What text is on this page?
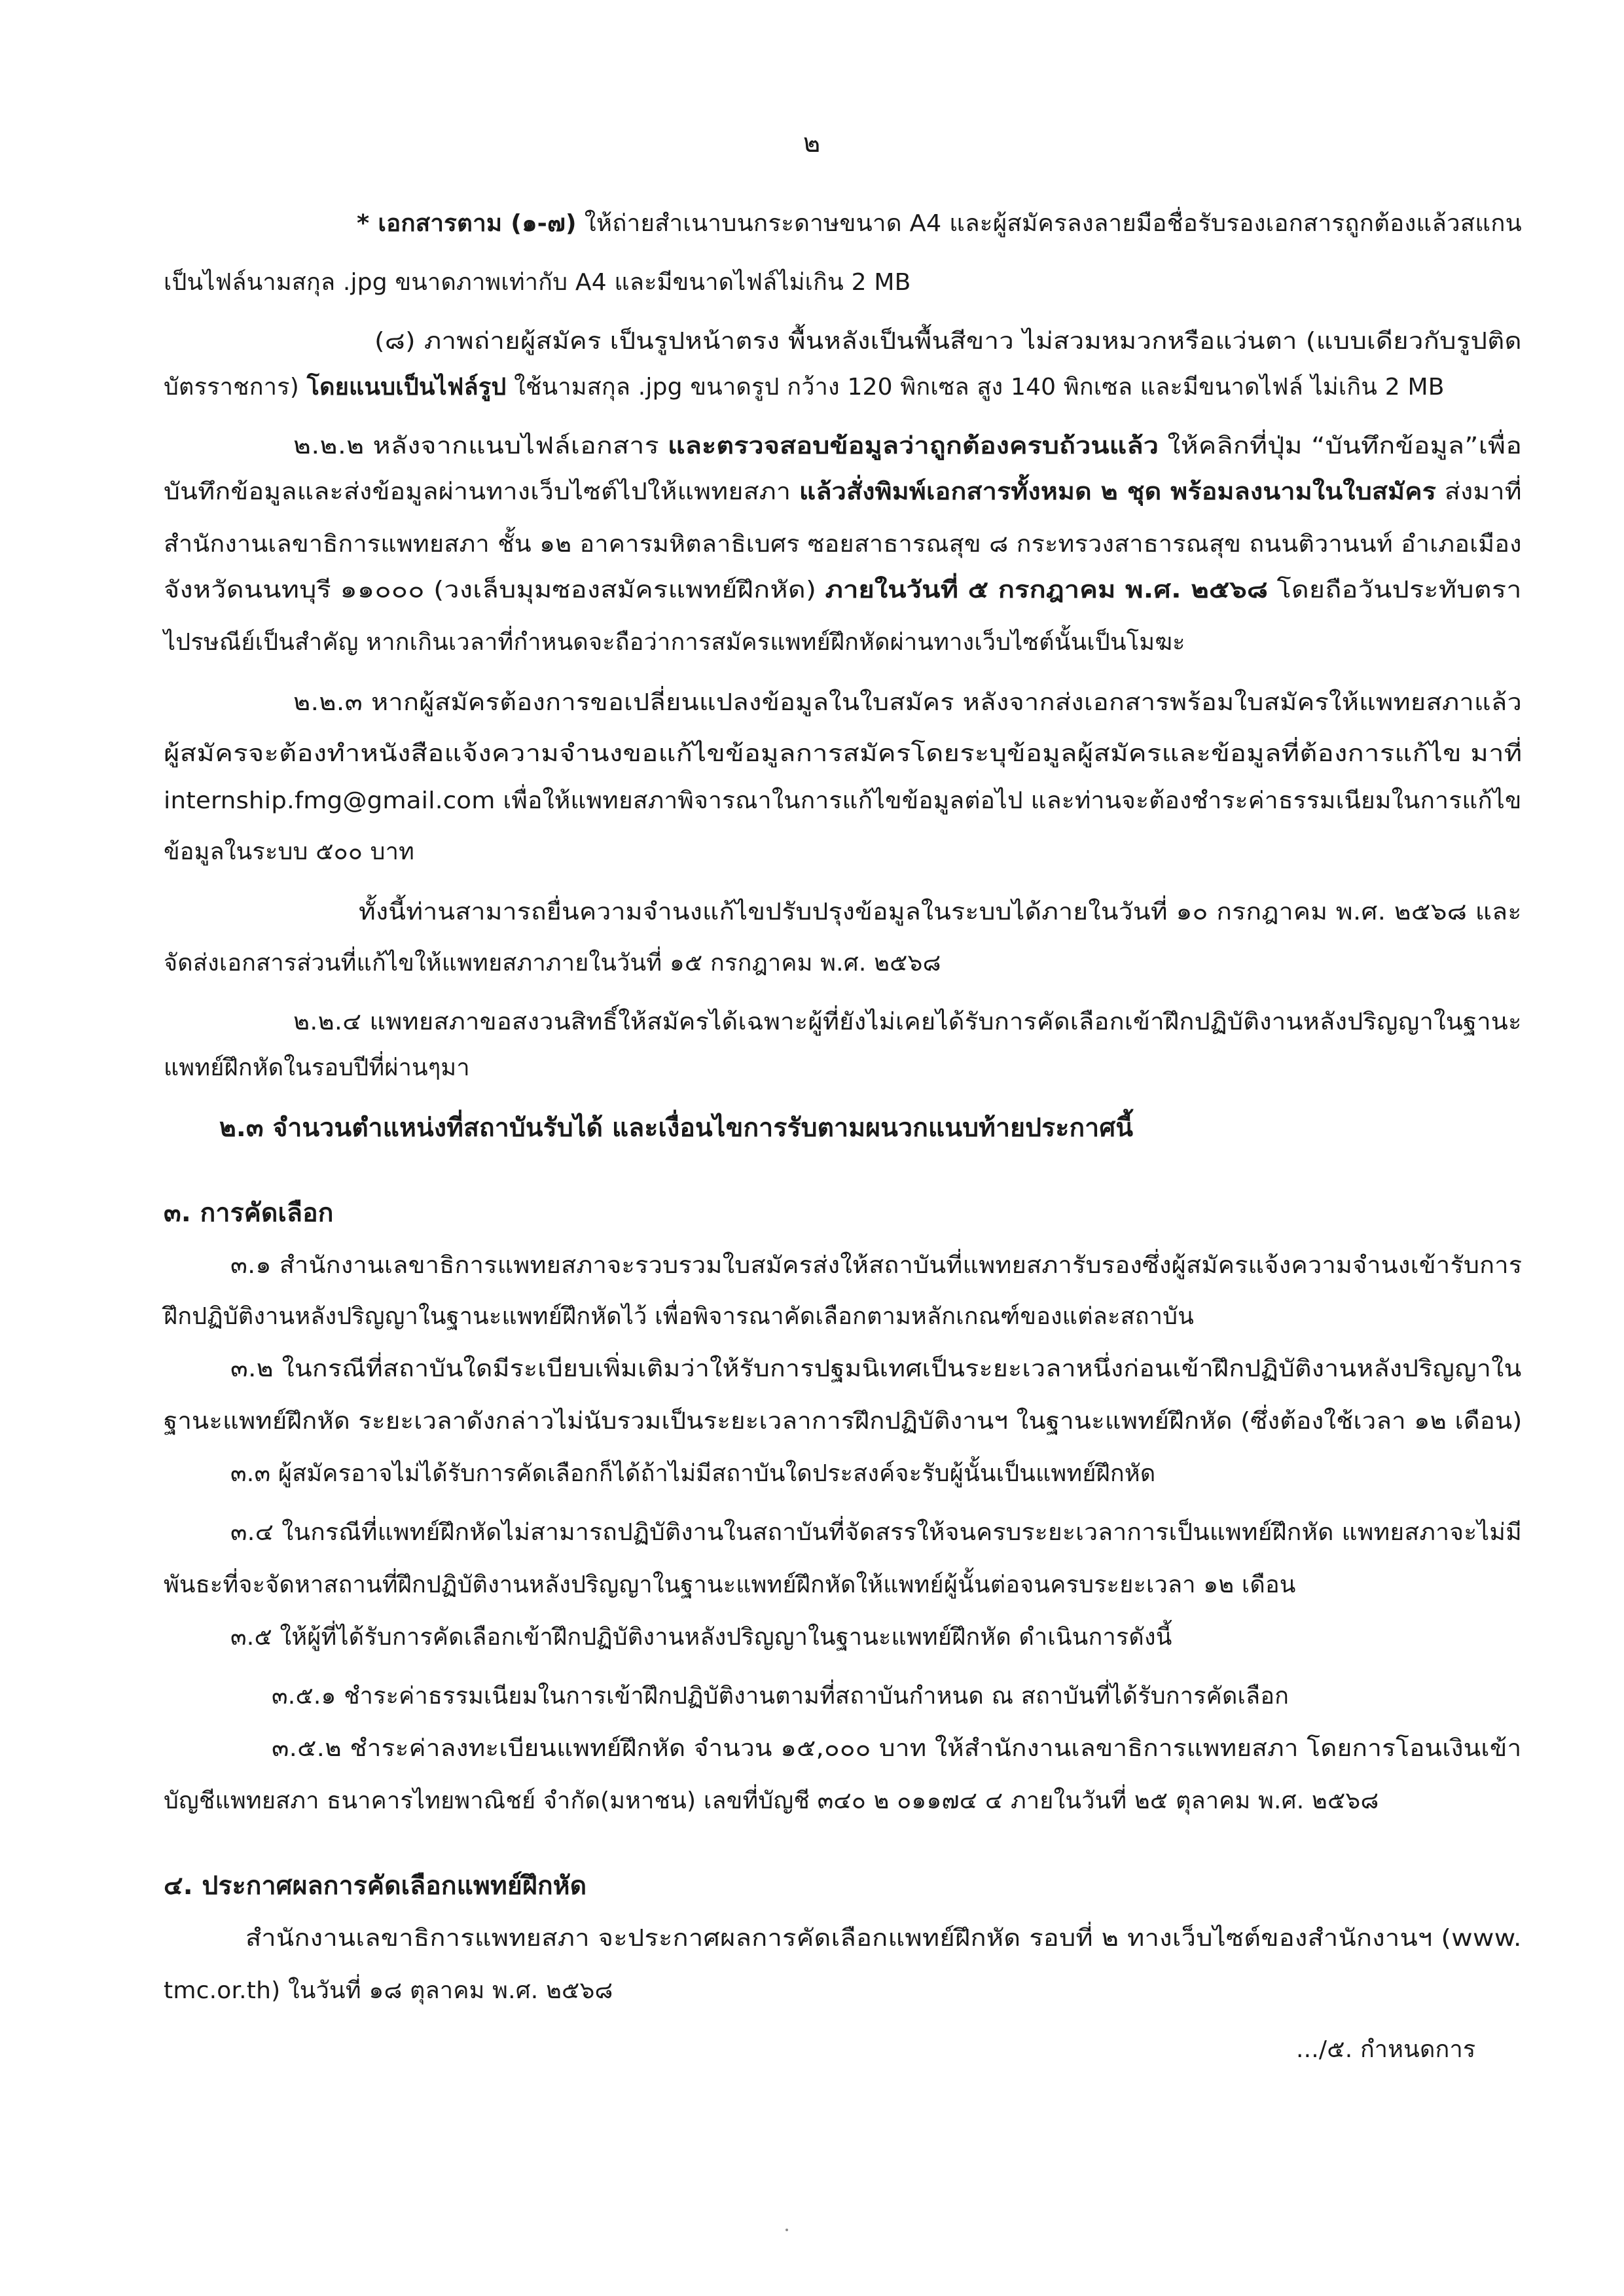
๒
* เอกสารตาม (๑-๗) ให้ถ่ายสำเนาบนกระดาษขนาด A4 และผู้สมัครลงลายมือชื่อรับรองเอกสารถูกต้องแล้วสแกน
เป็นไฟล์นามสกุล .jpg ขนาดภาพเท่ากับ A4 และมีขนาดไฟล์ไม่เกิน 2 MB
(๘) ภาพถ่ายผู้สมัคร เป็นรูปหน้าตรง พื้นหลังเป็นพื้นสีขาว ไม่สวมหมวกหรือแว่นตา (แบบเดียวกับรูปติด
บัตรราชการ) โดยแนบเป็นไฟล์รูป ใช้นามสกุล .jpg ขนาดรูป กว้าง 120 พิกเซล สูง 140 พิกเซล และมีขนาดไฟล์ ไม่เกิน 2 MB
๒.๒.๒ หลังจากแนบไฟล์เอกสาร และตรวจสอบข้อมูลว่าถูกต้องครบถ้วนแล้ว ให้คลิกที่ปุ่ม “บันทึกข้อมูล”เพื่อ
บันทึกข้อมูลและส่งข้อมูลผ่านทางเว็บไซต์ไปให้แพทยสภา แล้วสั่งพิมพ์เอกสารทั้งหมด ๒ ชุด พร้อมลงนามในใบสมัคร ส่งมาที่
สำนักงานเลขาธิการแพทยสภา ชั้น ๑๒ อาคารมหิตลาธิเบศร ซอยสาธารณสุข ๘ กระทรวงสาธารณสุข ถนนติวานนท์ อำเภอเมือง
จังหวัดนนทบุรี ๑๑๐๐๐ (วงเล็บมุมซองสมัครแพทย์ฝึกหัด) ภายในวันที่ ๕ กรกฎาคม พ.ศ. ๒๕๖๘ โดยถือวันประทับตรา
ไปรษณีย์เป็นสำคัญ หากเกินเวลาที่กำหนดจะถือว่าการสมัครแพทย์ฝึกหัดผ่านทางเว็บไซต์นั้นเป็นโมฆะ
๒.๒.๓ หากผู้สมัครต้องการขอเปลี่ยนแปลงข้อมูลในใบสมัคร หลังจากส่งเอกสารพร้อมใบสมัครให้แพทยสภาแล้ว
ผู้สมัครจะต้องทำหนังสือแจ้งความจำนงขอแก้ไขข้อมูลการสมัครโดยระบุข้อมูลผู้สมัครและข้อมูลที่ต้องการแก้ไข มาที่
internship.fmg@gmail.com เพื่อให้แพทยสภาพิจารณาในการแก้ไขข้อมูลต่อไป และท่านจะต้องชำระค่าธรรมเนียมในการแก้ไข
ข้อมูลในระบบ ๕๐๐ บาท
ทั้งนี้ท่านสามารถยื่นความจำนงแก้ไขปรับปรุงข้อมูลในระบบได้ภายในวันที่ ๑๐ กรกฎาคม พ.ศ. ๒๕๖๘ และ
จัดส่งเอกสารส่วนที่แก้ไขให้แพทยสภาภายในวันที่ ๑๕ กรกฎาคม พ.ศ. ๒๕๖๘
๒.๒.๔ แพทยสภาขอสงวนสิทธิ์ให้สมัครได้เฉพาะผู้ที่ยังไม่เคยได้รับการคัดเลือกเข้าฝึกปฏิบัติงานหลังปริญญาในฐานะ
แพทย์ฝึกหัดในรอบปีที่ผ่านๆมา
๒.๓ จำนวนตำแหน่งที่สถาบันรับได้ และเงื่อนไขการรับตามผนวกแนบท้ายประกาศนี้
๓. การคัดเลือก
๓.๑ สำนักงานเลขาธิการแพทยสภาจะรวบรวมใบสมัครส่งให้สถาบันที่แพทยสภารับรองซึ่งผู้สมัครแจ้งความจำนงเข้ารับการ
ฝึกปฏิบัติงานหลังปริญญาในฐานะแพทย์ฝึกหัดไว้ เพื่อพิจารณาคัดเลือกตามหลักเกณฑ์ของแต่ละสถาบัน
๓.๒ ในกรณีที่สถาบันใดมีระเบียบเพิ่มเติมว่าให้รับการปฐมนิเทศเป็นระยะเวลาหนึ่งก่อนเข้าฝึกปฏิบัติงานหลังปริญญาใน
ฐานะแพทย์ฝึกหัด ระยะเวลาดังกล่าวไม่นับรวมเป็นระยะเวลาการฝึกปฏิบัติงานฯ ในฐานะแพทย์ฝึกหัด (ซึ่งต้องใช้เวลา ๑๒ เดือน)
๓.๓ ผู้สมัครอาจไม่ได้รับการคัดเลือกก็ได้ถ้าไม่มีสถาบันใดประสงค์จะรับผู้นั้นเป็นแพทย์ฝึกหัด
๓.๔ ในกรณีที่แพทย์ฝึกหัดไม่สามารถปฏิบัติงานในสถาบันที่จัดสรรให้จนครบระยะเวลาการเป็นแพทย์ฝึกหัด แพทยสภาจะไม่มี
พันธะที่จะจัดหาสถานที่ฝึกปฏิบัติงานหลังปริญญาในฐานะแพทย์ฝึกหัดให้แพทย์ผู้นั้นต่อจนครบระยะเวลา ๑๒ เดือน
๓.๕ ให้ผู้ที่ได้รับการคัดเลือกเข้าฝึกปฏิบัติงานหลังปริญญาในฐานะแพทย์ฝึกหัด ดำเนินการดังนี้
๓.๕.๑ ชำระค่าธรรมเนียมในการเข้าฝึกปฏิบัติงานตามที่สถาบันกำหนด ณ สถาบันที่ได้รับการคัดเลือก
๓.๕.๒ ชำระค่าลงทะเบียนแพทย์ฝึกหัด จำนวน ๑๕,๐๐๐ บาท ให้สำนักงานเลขาธิการแพทยสภา โดยการโอนเงินเข้า
บัญชีแพทยสภา ธนาคารไทยพาณิชย์ จำกัด(มหาชน) เลขที่บัญชี ๓๔๐ ๒ ๐๑๑๗๔ ๔ ภายในวันที่ ๒๕ ตุลาคม พ.ศ. ๒๕๖๘
๔. ประกาศผลการคัดเลือกแพทย์ฝึกหัด
สำนักงานเลขาธิการแพทยสภา จะประกาศผลการคัดเลือกแพทย์ฝึกหัด รอบที่ ๒ ทางเว็บไซต์ของสำนักงานฯ (www.
tmc.or.th) ในวันที่ ๑๘ ตุลาคม พ.ศ. ๒๕๖๘
.../๕. กำหนดการ
